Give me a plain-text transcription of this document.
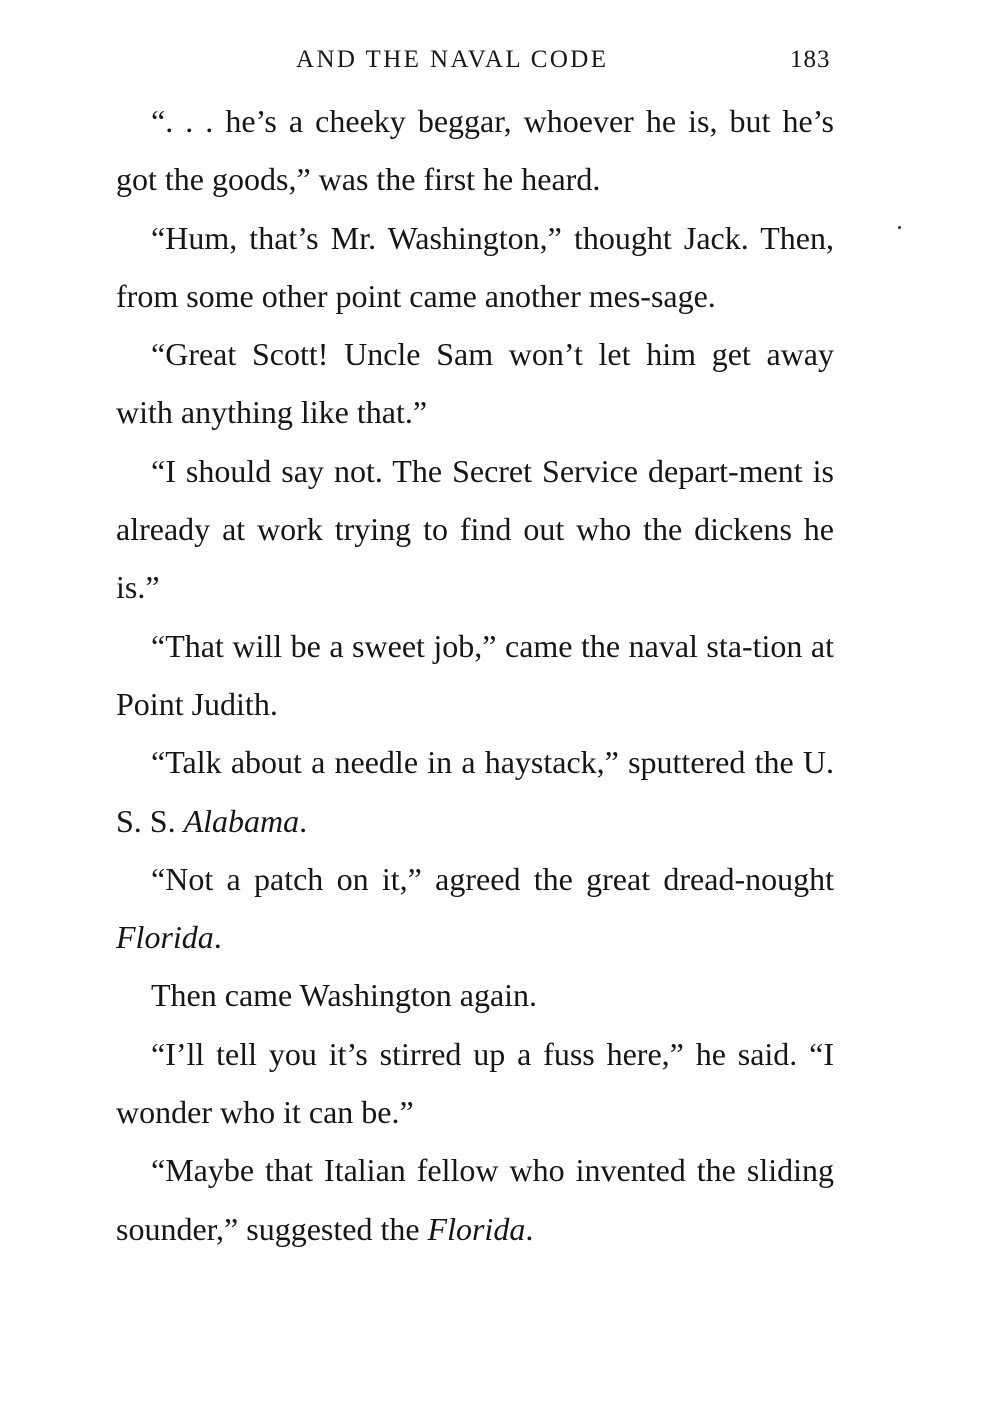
AND THE NAVAL CODE	183

“. . . he’s a cheeky beggar, whoever he is, but he’s got the goods,” was the first he heard.

“Hum, that’s Mr. Washington,” thought Jack. Then, from some other point came another mes-sage.

“Great Scott! Uncle Sam won’t let him get away with anything like that.”

“I should say not. The Secret Service depart-ment is already at work trying to find out who the dickens he is.”

“That will be a sweet job,” came the naval sta-tion at Point Judith.

“Talk about a needle in a haystack,” sputtered the U. S. S. Alabama.

“Not a patch on it,” agreed the great dread-nought Florida.

Then came Washington again.

“I’ll tell you it’s stirred up a fuss here,” he said. “I wonder who it can be.”

“Maybe that Italian fellow who invented the sliding sounder,” suggested the Florida.
